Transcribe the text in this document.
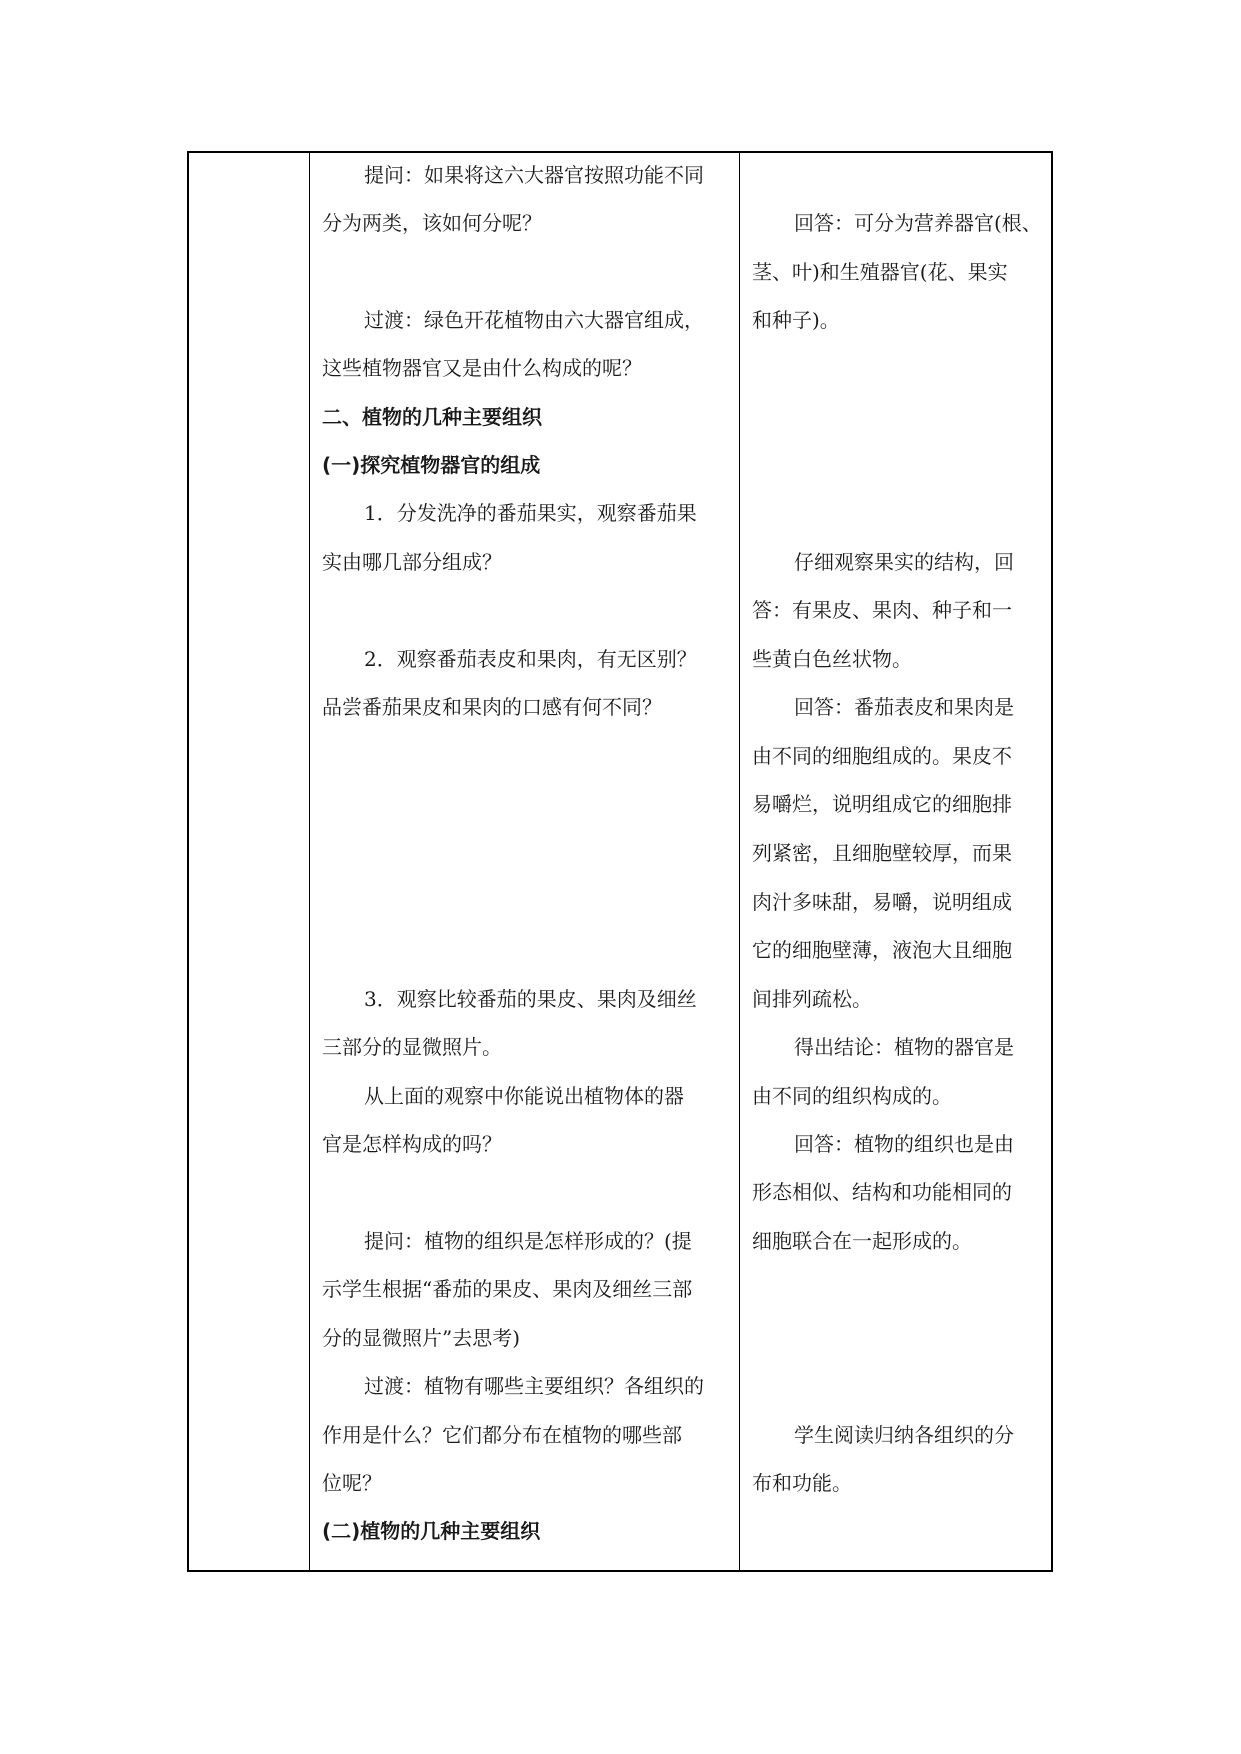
提问：如果将这六大器官按照功能不同
分为两类，该如何分呢？
过渡：绿色开花植物由六大器官组成，
这些植物器官又是由什么构成的呢？
二、植物的几种主要组织
(一)探究植物器官的组成
1．分发洗净的番茄果实，观察番茄果
实由哪几部分组成？
2．观察番茄表皮和果肉，有无区别？
品尝番茄果皮和果肉的口感有何不同？
3．观察比较番茄的果皮、果肉及细丝
三部分的显微照片。
从上面的观察中你能说出植物体的器
官是怎样构成的吗？
提问：植物的组织是怎样形成的？(提
示学生根据“番茄的果皮、果肉及细丝三部
分的显微照片”去思考)
过渡：植物有哪些主要组织？各组织的
作用是什么？它们都分布在植物的哪些部
位呢？
(二)植物的几种主要组织
回答：可分为营养器官(根、
茎、叶)和生殖器官(花、果实
和种子)。
仔细观察果实的结构，回
答：有果皮、果肉、种子和一
些黄白色丝状物。
回答：番茄表皮和果肉是
由不同的细胞组成的。果皮不
易嚼烂，说明组成它的细胞排
列紧密，且细胞壁较厚，而果
肉汁多味甜，易嚼，说明组成
它的细胞壁薄，液泡大且细胞
间排列疏松。
得出结论：植物的器官是
由不同的组织构成的。
回答：植物的组织也是由
形态相似、结构和功能相同的
细胞联合在一起形成的。
学生阅读归纳各组织的分
布和功能。
